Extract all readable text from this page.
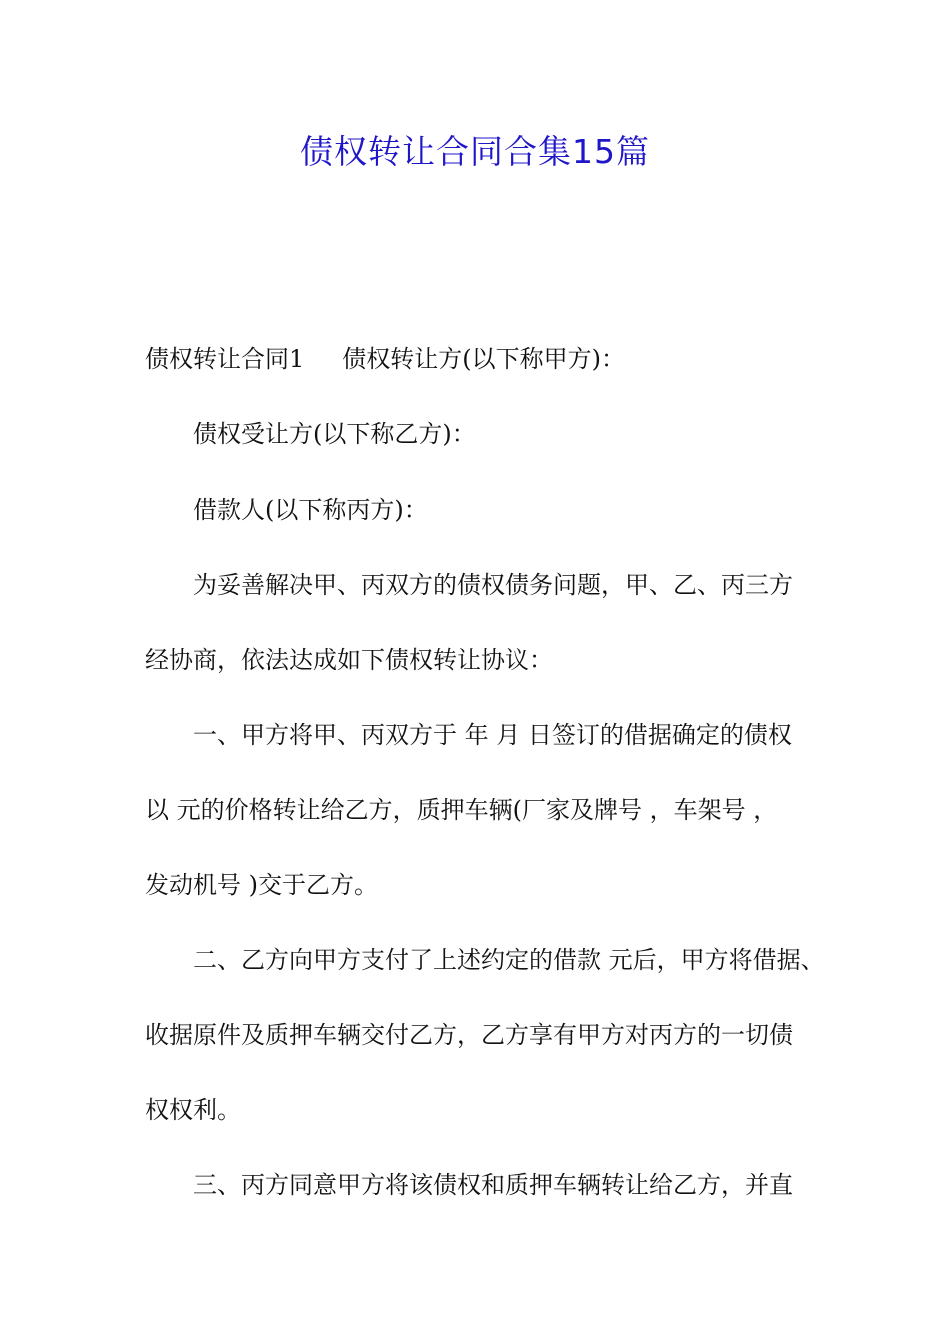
债权转让合同合集15篇
债权转让合同1 债权转让方(以下称甲方)：
债权受让方(以下称乙方)：
借款人(以下称丙方)：
为妥善解决甲、丙双方的债权债务问题，甲、乙、丙三方
经协商，依法达成如下债权转让协议：
一、甲方将甲、丙双方于 年 月 日签订的借据确定的债权
以 元的价格转让给乙方，质押车辆(厂家及牌号 ，车架号 ，
发动机号 )交于乙方。
二、乙方向甲方支付了上述约定的借款 元后，甲方将借据、
收据原件及质押车辆交付乙方，乙方享有甲方对丙方的一切债
权权利。
三、丙方同意甲方将该债权和质押车辆转让给乙方，并直
